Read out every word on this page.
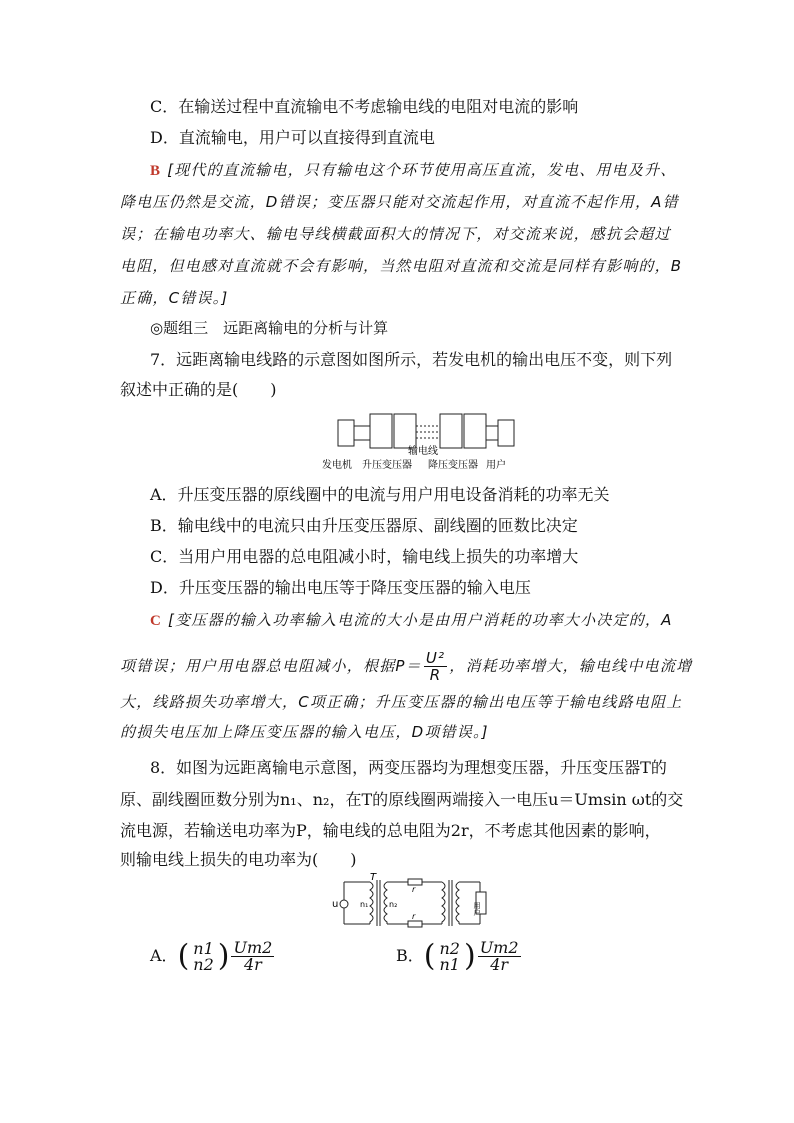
C．在输送过程中直流输电不考虑输电线的电阻对电流的影响
D．直流输电，用户可以直接得到直流电
B [现代的直流输电，只有输电这个环节使用高压直流，发电、用电及升、
降电压仍然是交流，D错误；变压器只能对交流起作用，对直流不起作用，A错
误；在输电功率大、输电导线横截面积大的情况下，对交流来说，感抗会超过
电阻，但电感对直流就不会有影响，当然电阻对直流和交流是同样有影响的，B
正确，C错误。]
◎题组三　远距离输电的分析与计算
7．远距离输电线路的示意图如图所示，若发电机的输出电压不变，则下列
叙述中正确的是(　　)
输电线
发电机 升压变压器 降压变压器 用户
A．升压变压器的原线圈中的电流与用户用电设备消耗的功率无关
B．输电线中的电流只由升压变压器原、副线圈的匝数比决定
C．当用户用电器的总电阻减小时，输电线上损失的功率增大
D．升压变压器的输出电压等于降压变压器的输入电压
C [变压器的输入功率输入电流的大小是由用户消耗的功率大小决定的，A
项错误；用户用电器总电阻减小，根据$P= \frac{\text{U²}}{R}$ ，消耗功率增大，输电线中电流增
大，线路损失功率增大，C项正确；升压变压器的输出电压等于输电线路电阻上
的损失电压加上降压变压器的输入电压，D项错误。]
8．如图为远距离输电示意图，两变压器均为理想变压器，升压变压器T的
原、副线圈匝数分别为n₁、n₂，在T的原线圈两端接入一电压u＝Umsin ωt的交
流电源，若输送电功率为P，输电线的总电阻为2r，不考虑其他因素的影响，
则输电线上损失的电功率为(　　)
u
T
n₁	n₂
r
r
用户
A．( n1
n2 ) $\frac{Um2}{4r}$	B．( n2
n1 ) $\frac{Um2}{4r}$
